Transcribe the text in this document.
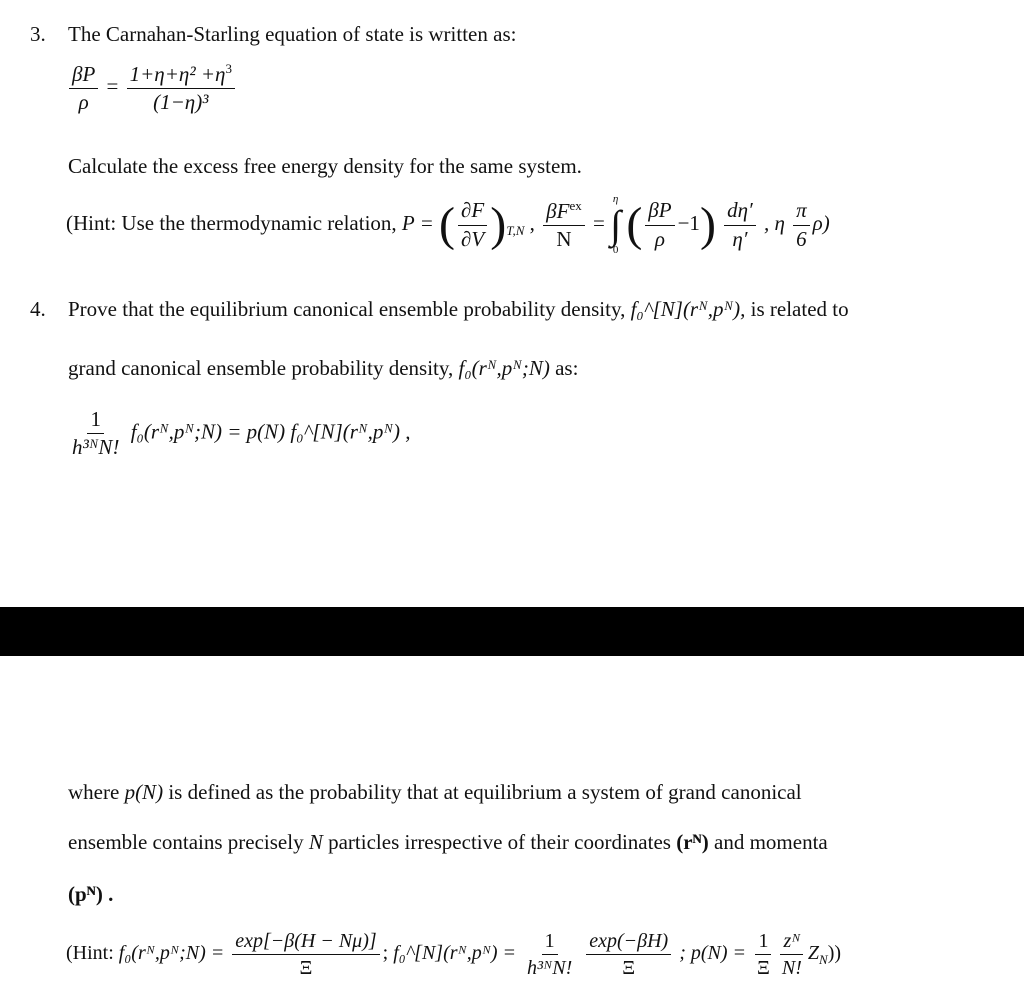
3. The Carnahan-Starling equation of state is written as:
$\frac{\beta P}{\rho} = \frac{1+\eta+\eta^2 +\eta^3}{\text{(1−η)³}}$
Calculate the excess free energy density for the same system.
(Hint: Use the thermodynamic relation, P = ( $\frac{\partial F}{\partial V} )_{T,N}$ , $\frac{\beta F^{ex}}{N}$ =
η
∫
0 ( $\frac{\beta P}{\rho} -1) \frac{d\eta'}{\eta'}$ , η $\frac{\pi}{6} \rho$)
4. Prove that the equilibrium canonical ensemble probability density, f₀^[N](rᴺ,pᴺ), is related to
grand canonical ensemble probability density, f₀(rᴺ,pᴺ;N) as:
$\frac{1}{\text{h³ᴺN!}}$ f₀(rᴺ,pᴺ;N) = p(N) f₀^[N](rᴺ,pᴺ) ,
where p(N) is defined as the probability that at equilibrium a system of grand canonical
ensemble contains precisely N particles irrespective of their coordinates (rᴺ) and momenta
(pᴺ) .
(Hint: f₀(rᴺ,pᴺ;N) = $\frac{\exp[-\beta(H - N\mu)]}{\Xi}$ ; f₀^[N](rᴺ,pᴺ) = $\frac{1}{\text{h³ᴺN!}}$
$\frac{\exp(-\beta H)}{\Xi}$ ; $p(N) = \frac{1}{\Xi} \frac{\text{zᴺ}}{N!} Z_N$))
